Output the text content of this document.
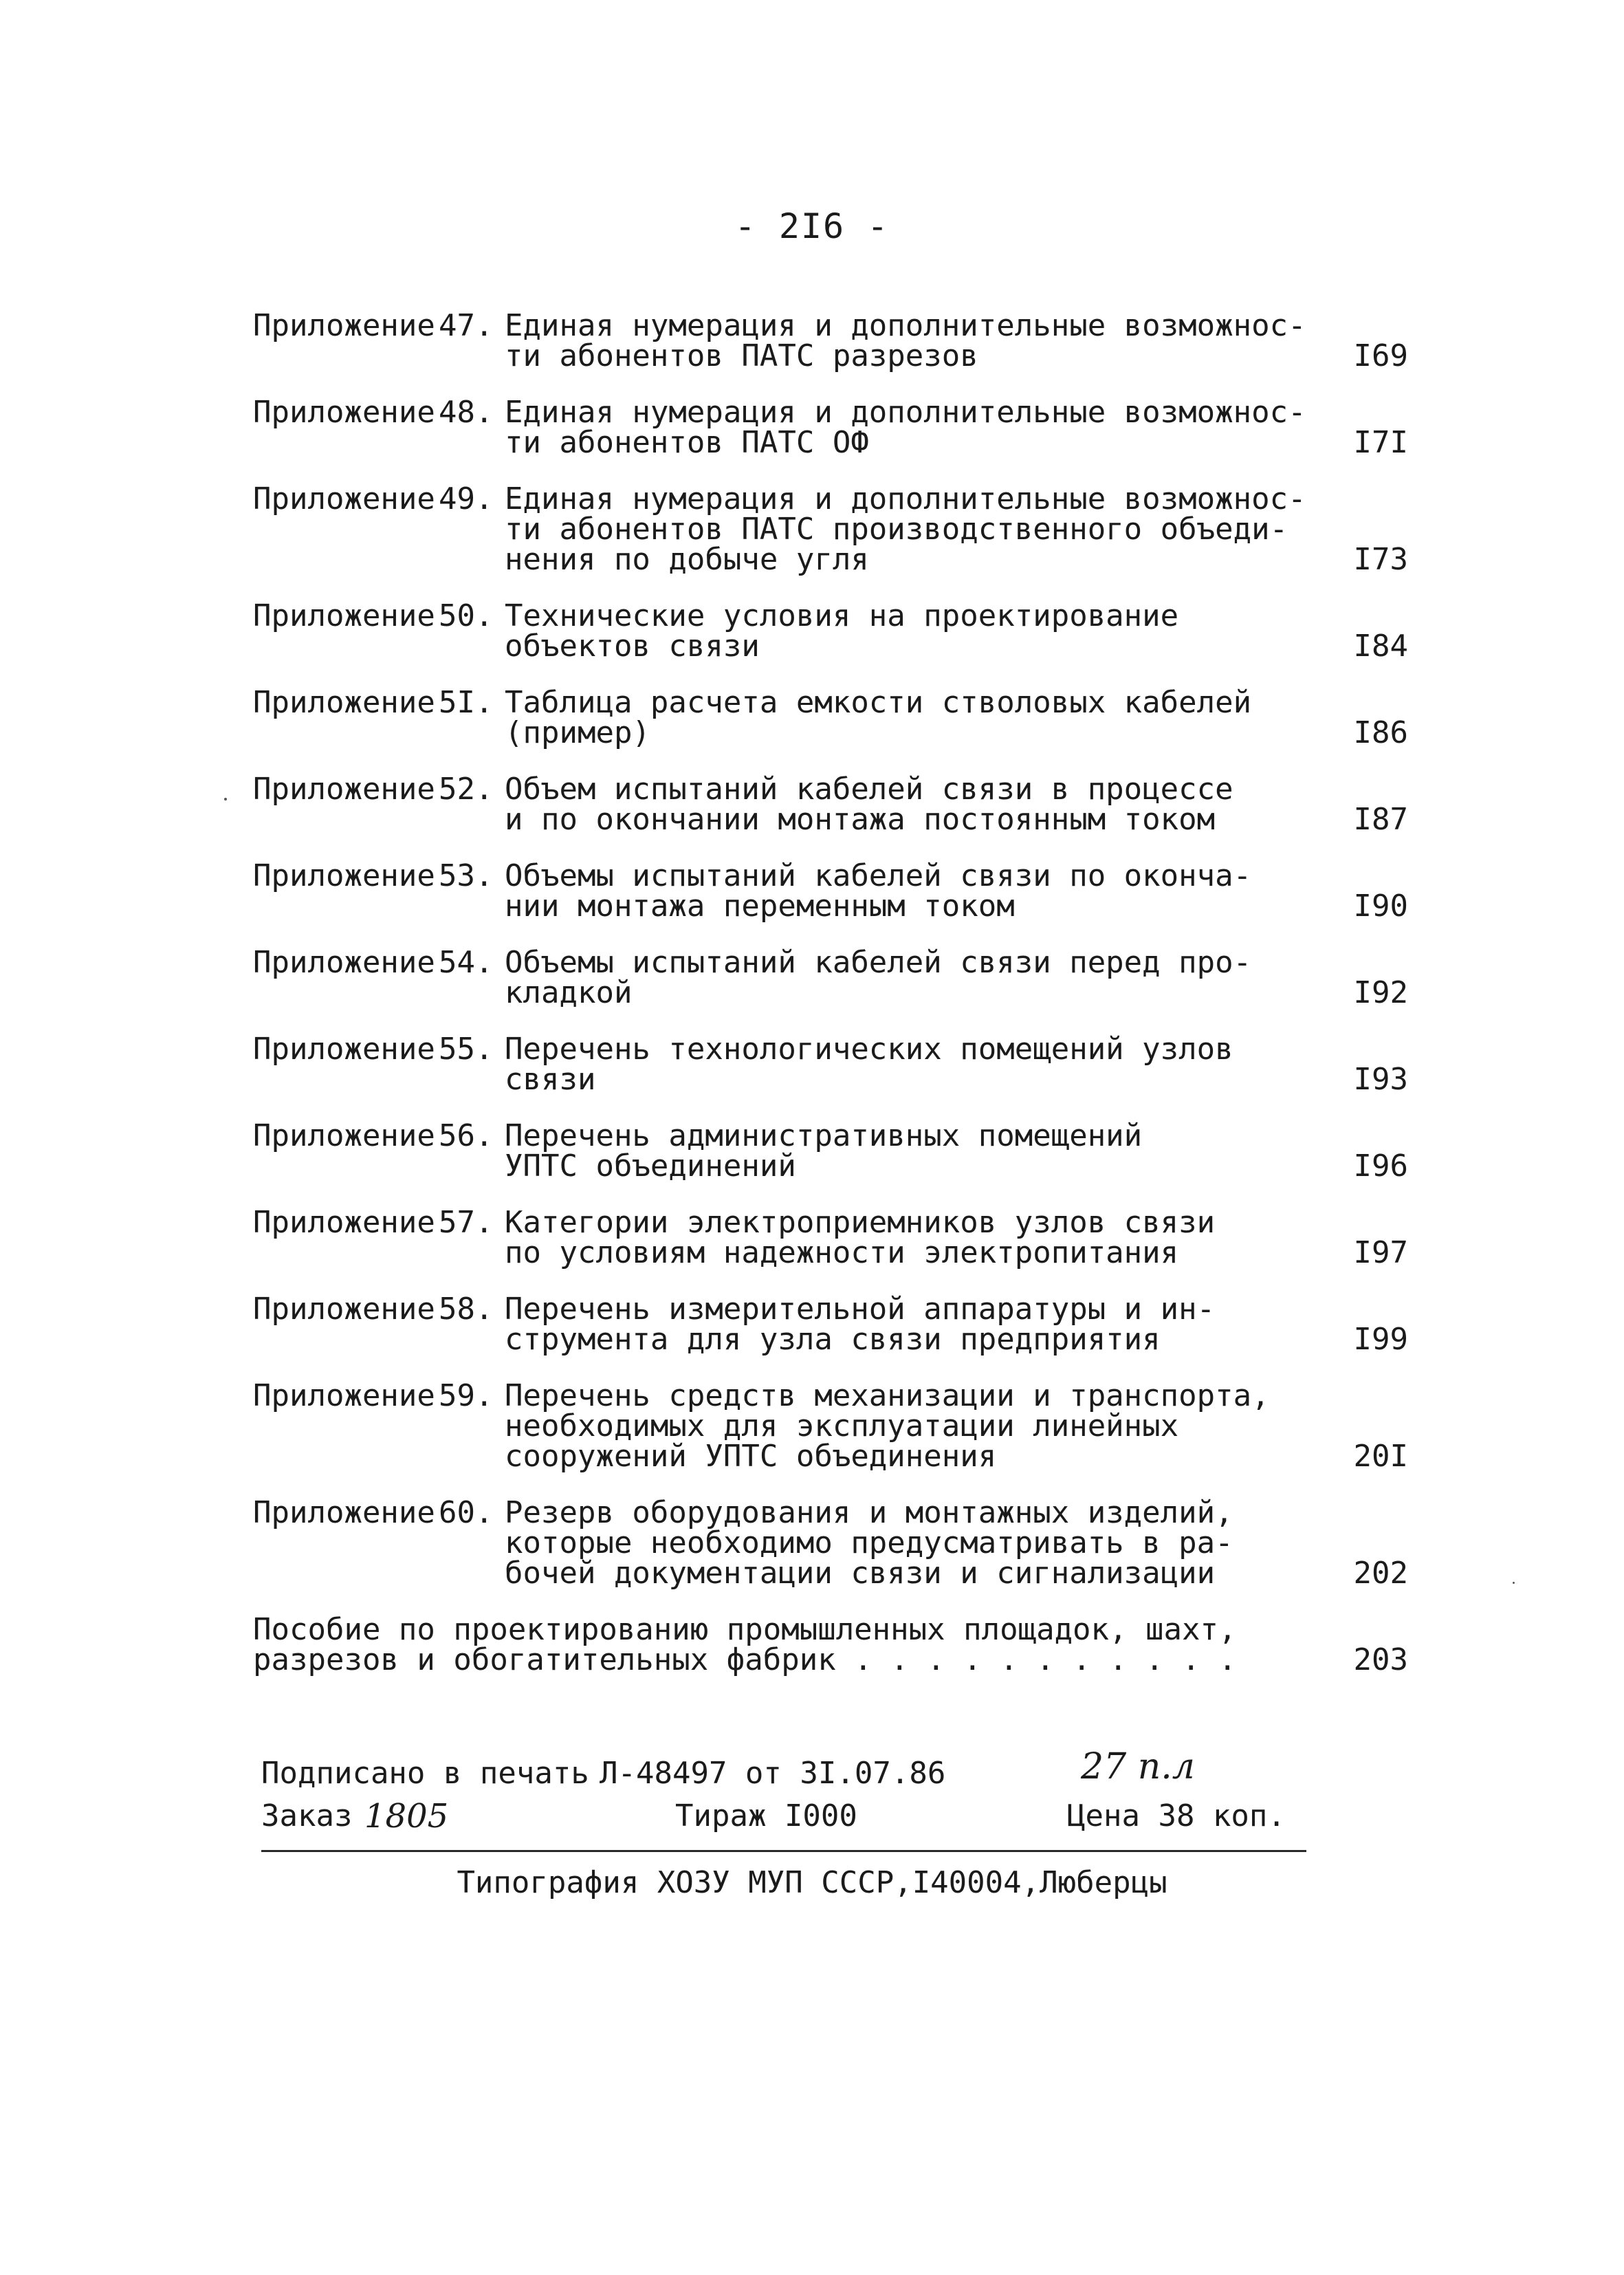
- 2I6 -
Приложение 47. Единая нумерация и дополнительные возможнос-
ти абонентов ПАТС разрезов	I69
Приложение 48. Единая нумерация и дополнительные возможнос-
ти абонентов ПАТС ОФ	I7I
Приложение 49. Единая нумерация и дополнительные возможнос-
ти абонентов ПАТС производственного объеди-
нения по добыче угля	I73
Приложение 50. Технические условия на проектирование
объектов связи	I84
Приложение 5I. Таблица расчета емкости стволовых кабелей
(пример)	I86
Приложение 52. Объем испытаний кабелей связи в процессе
и по окончании монтажа постоянным током	I87
Приложение 53. Объемы испытаний кабелей связи по оконча-
нии монтажа переменным током	I90
Приложение 54. Объемы испытаний кабелей связи перед про-
кладкой	I92
Приложение 55. Перечень технологических помещений узлов
связи	I93
Приложение 56. Перечень административных помещений
УПТС объединений	I96
Приложение 57. Категории электроприемников узлов связи
по условиям надежности электропитания	I97
Приложение 58. Перечень измерительной аппаратуры и ин-
струмента для узла связи предприятия	I99
Приложение 59. Перечень средств механизации и транспорта,
необходимых для эксплуатации линейных
сооружений УПТС объединения	20I
Приложение 60. Резерв оборудования и монтажных изделий,
которые необходимо предусматривать в ра-
бочей документации связи и сигнализации	202
Пособие по проектированию промышленных площадок, шахт,
разрезов и обогатительных фабрик . . . . . . . . . . .	203
Подписано в печать Л-48497 от 3I.07.86	27 п.л
Заказ 1805	Тираж I000	Цена 38 коп.
Типография ХОЗУ МУП СССР,I40004,Люберцы
